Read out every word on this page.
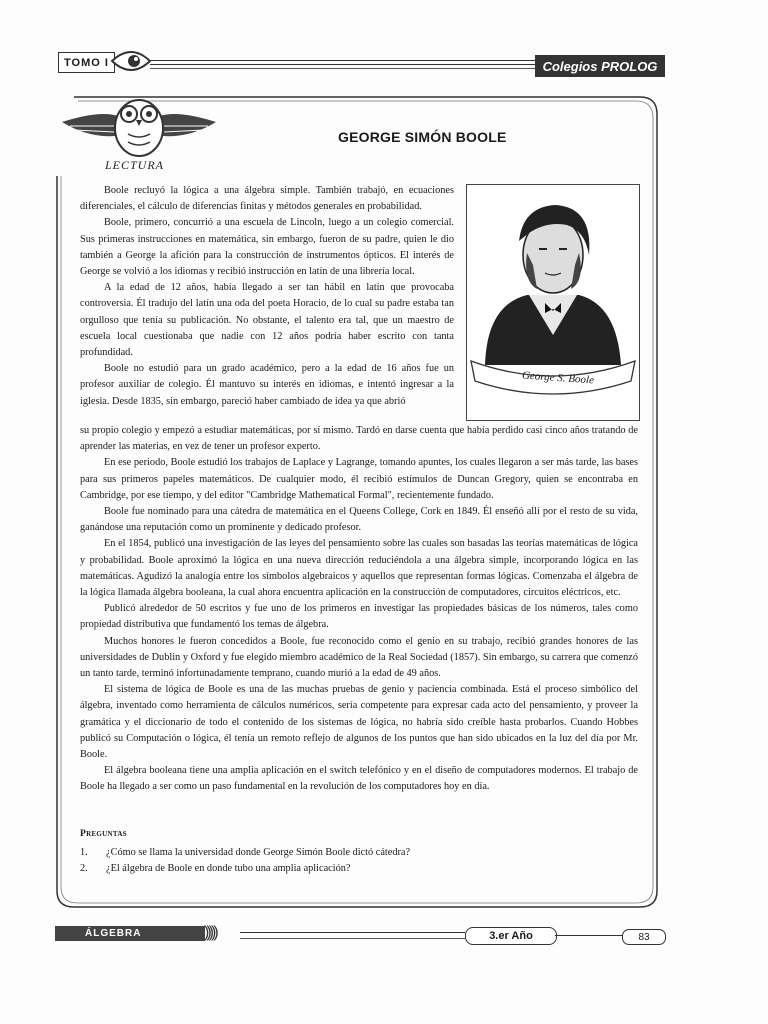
TOMO I	Colegios PROLOG
LECTURA
GEORGE SIMÓN BOOLE
George S. Boole

Boole recluyó la lógica a una álgebra simple. También trabajó, en ecuaciones diferenciales, el cálculo de diferencias finitas y métodos generales en probabilidad.

Boole, primero, concurrió a una escuela de Lincoln, luego a un colegio comercial. Sus primeras instrucciones en matemática, sin embargo, fueron de su padre, quien le dio también a George la afición para la construcción de instrumentos ópticos. El interés de George se volvió a los idiomas y recibió instrucción en latín de una librería local.

A la edad de 12 años, había llegado a ser tan hábil en latín que provocaba controversia. Él tradujo del latín una oda del poeta Horacio, de lo cual su padre estaba tan orgulloso que tenía su publicación. No obstante, el talento era tal, que un maestro de escuela local cuestionaba que nadie con 12 años podría haber escrito con tanta profundidad.

Boole no estudió para un grado académico, pero a la edad de 16 años fue un profesor auxiliar de colegio. Él mantuvo su interés en idiomas, e intentó ingresar a la iglesia. Desde 1835, sin embargo, pareció haber cambiado de idea ya que abrió

su propio colegio y empezó a estudiar matemáticas, por sí mismo. Tardó en darse cuenta que había perdido casi cinco años tratando de aprender las materias, en vez de tener un profesor experto.

En ese periodo, Boole estudió los trabajos de Laplace y Lagrange, tomando apuntes, los cuales llegaron a ser más tarde, las bases para sus primeros papeles matemáticos. De cualquier modo, él recibió estímulos de Duncan Gregory, quien se encontraba en Cambridge, por ese tiempo, y del editor "Cambridge Mathematical Formal", recientemente fundado.

Boole fue nominado para una cátedra de matemática en el Queens College, Cork en 1849. Él enseñó allí por el resto de su vida, ganándose una reputación como un prominente y dedicado profesor.

En el 1854, publicó una investigación de las leyes del pensamiento sobre las cuales son basadas las teorías matemáticas de lógica y probabilidad. Boole aproximó la lógica en una nueva dirección reduciéndola a una álgebra simple, incorporando lógica en las matemáticas. Agudizó la analogía entre los símbolos algebraicos y aquellos que representan formas lógicas. Comenzaba el álgebra de la lógica llamada álgebra booleana, la cual ahora encuentra aplicación en la construcción de computadores, circuitos eléctricos, etc.

Publicó alrededor de 50 escritos y fue uno de los primeros en investigar las propiedades básicas de los números, tales como propiedad distributiva que fundamentó los temas de álgebra.

Muchos honores le fueron concedidos a Boole, fue reconocido como el genio en su trabajo, recibió grandes honores de las universidades de Dublin y Oxford y fue elegido miembro académico de la Real Sociedad (1857). Sin embargo, su carrera que comenzó un tanto tarde, terminó infortunadamente temprano, cuando murió a la edad de 49 años.

El sistema de lógica de Boole es una de las muchas pruebas de genio y paciencia combinada. Está el proceso simbólico del álgebra, inventado como herramienta de cálculos numéricos, sería competente para expresar cada acto del pensamiento, y proveer la gramática y el diccionario de todo el contenido de los sistemas de lógica, no habría sido creíble hasta probarlos. Cuando Hobbes publicó su Computación o lógica, él tenía un remoto reflejo de algunos de los puntos que han sido ubicados en la luz del día por Mr. Boole.

El álgebra booleana tiene una amplia aplicación en el switch telefónico y en el diseño de computadores modernos. El trabajo de Boole ha llegado a ser como un paso fundamental en la revolución de los computadores hoy en día.

Preguntas
1.	¿Cómo se llama la universidad donde George Simón Boole dictó cátedra?
2.	¿El álgebra de Boole en donde tubo una amplia aplicación?
ÁLGEBRA	)))))	3.er Año	83
